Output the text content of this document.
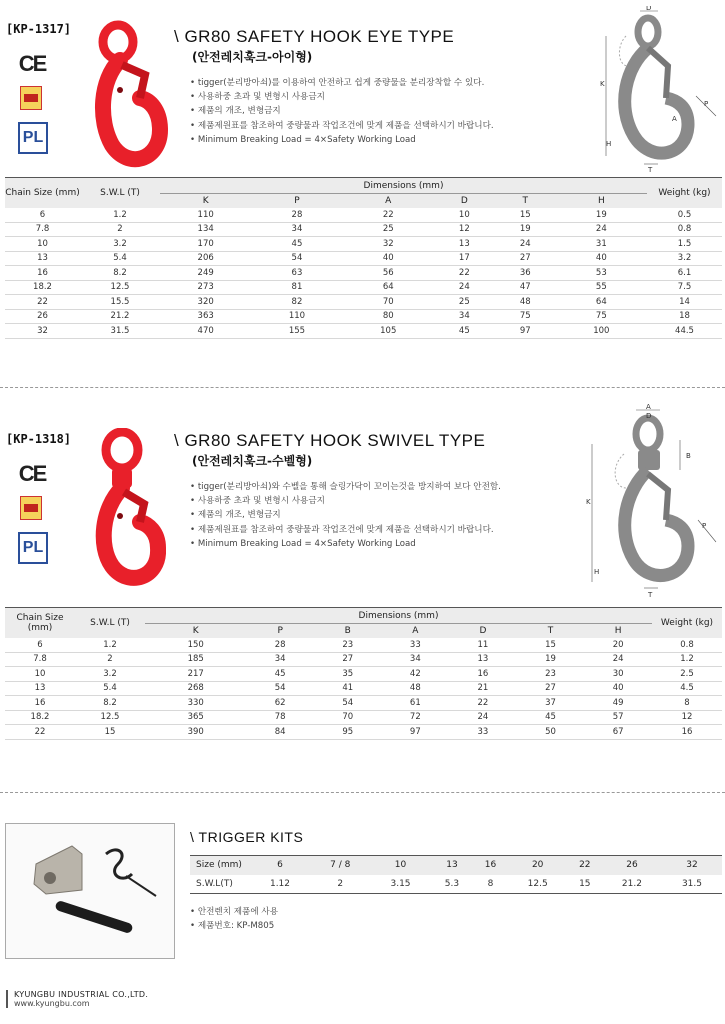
[KP-1317]
CE
PL
\ GR80 SAFETY HOOK EYE TYPE
(안전레치훅크-아이형)
• tigger(분리방아쇠)를 이용하여 안전하고 쉽게 중량물을 분리장착할 수 있다.
• 사용하중 초과 및 변형시 사용금지
• 제품의 개조, 변형금지
• 제품제원표를 참조하여 중량물과 작업조건에 맞게 제품을 선택하시기 바랍니다.
• Minimum Breaking Load = 4×Safety Working Load
D
K
P
A
H
T
Chain Size (mm)	S.W.L (T)	Dimensions (mm)						Weight (kg)
		K	P	A	D	T	H	
6	1.2	110	28	22	10	15	19	0.5
7.8	2	134	34	25	12	19	24	0.8
10	3.2	170	45	32	13	24	31	1.5
13	5.4	206	54	40	17	27	40	3.2
16	8.2	249	63	56	22	36	53	6.1
18.2	12.5	273	81	64	24	47	55	7.5
22	15.5	320	82	70	25	48	64	14
26	21.2	363	110	80	34	75	75	18
32	31.5	470	155	105	45	97	100	44.5
[KP-1318]
CE
PL
\ GR80 SAFETY HOOK SWIVEL TYPE
(안전레치훅크-수벨형)
• tigger(분리방아쇠)와 수벨을 통해 슬링가닥이 꼬이는것을 방지하여 보다 안전함.
• 사용하중 초과 및 변형시 사용금지
• 제품의 개조, 변형금지
• 제품제원표를 참조하여 중량물과 작업조건에 맞게 제품을 선택하시기 바랍니다.
• Minimum Breaking Load = 4×Safety Working Load
A
D
B
K
P
H
T
Chain Size (mm)	S.W.L (T)	Dimensions (mm)							Weight (kg)
		K	P	B	A	D	T	H	
6	1.2	150	28	23	33	11	15	20	0.8
7.8	2	185	34	27	34	13	19	24	1.2
10	3.2	217	45	35	42	16	23	30	2.5
13	5.4	268	54	41	48	21	27	40	4.5
16	8.2	330	62	54	61	22	37	49	8
18.2	12.5	365	78	70	72	24	45	57	12
22	15	390	84	95	97	33	50	67	16
\ TRIGGER KITS
Size (mm)	6	7 / 8	10	13	16	20	22	26	32
S.W.L(T)	1.12	2	3.15	5.3	8	12.5	15	21.2	31.5
• 안전렌치 제품에 사용
• 제품번호: KP-M805
KYUNGBU INDUSTRIAL CO.,LTD.
www.kyungbu.com
